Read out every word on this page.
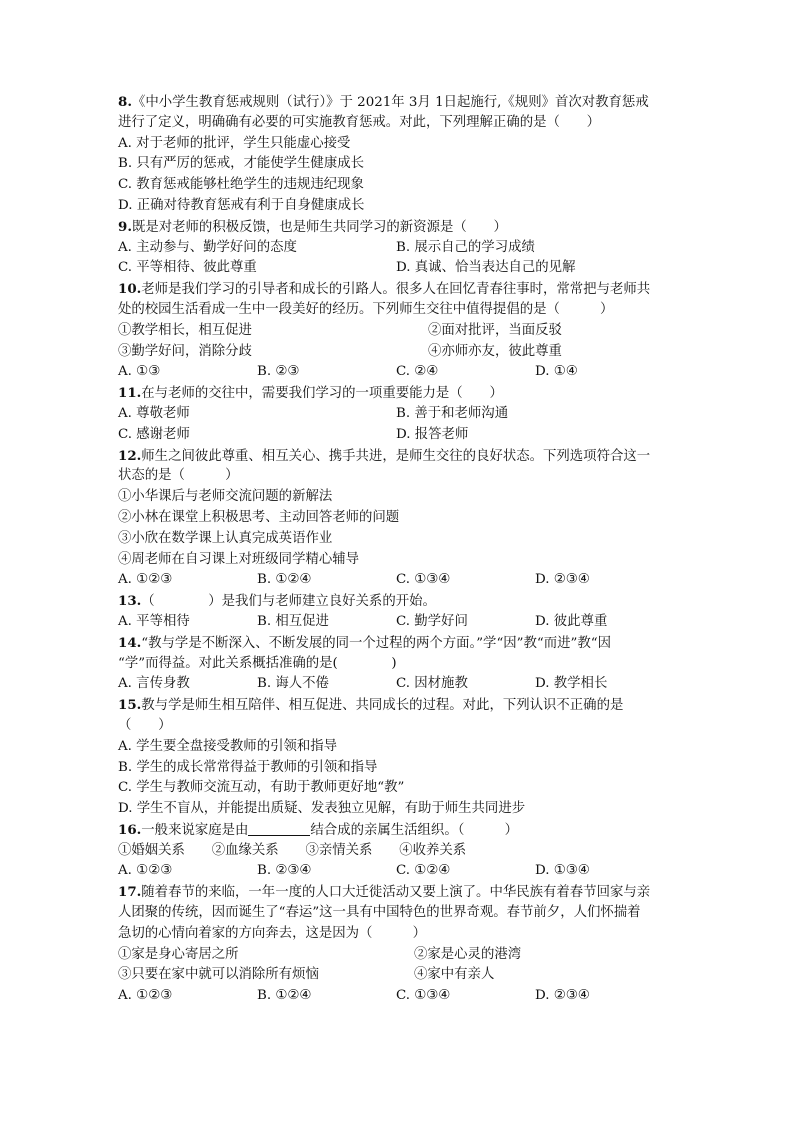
8.《中小学生教育惩戒规则（试行）》于 2021年 3月 1日起施行,《规则》首次对教育惩戒
进行了定义，明确确有必要的可实施教育惩戒。对此，下列理解正确的是（　　）
A. 对于老师的批评，学生只能虚心接受
B. 只有严厉的惩戒，才能使学生健康成长
C. 教育惩戒能够杜绝学生的违规违纪现象
D. 正确对待教育惩戒有利于自身健康成长
9.既是对老师的积极反馈，也是师生共同学习的新资源是（　　）
A. 主动参与、勤学好问的态度	B. 展示自己的学习成绩
C. 平等相待、彼此尊重	D. 真诚、恰当表达自己的见解
10.老师是我们学习的引导者和成长的引路人。很多人在回忆青春往事时，常常把与老师共
处的校园生活看成一生中一段美好的经历。下列师生交往中值得提倡的是（　　　）
①教学相长，相互促进	②面对批评，当面反驳
③勤学好问，消除分歧	④亦师亦友，彼此尊重
A. ①③	B. ②③	C. ②④	D. ①④
11.在与老师的交往中，需要我们学习的一项重要能力是（　　）
A. 尊敬老师	B. 善于和老师沟通
C. 感谢老师	D. 报答老师
12.师生之间彼此尊重、相互关心、携手共进，是师生交往的良好状态。下列选项符合这一
状态的是（　　　）
①小华课后与老师交流问题的新解法
②小林在课堂上积极思考、主动回答老师的问题
③小欣在数学课上认真完成英语作业
④周老师在自习课上对班级同学精心辅导
A. ①②③	B. ①②④	C. ①③④	D. ②③④
13.（　　　　）是我们与老师建立良好关系的开始。
A. 平等相待	B. 相互促进	C. 勤学好问	D. 彼此尊重
14.“教与学是不断深入、不断发展的同一个过程的两个方面。”学“因”教“而进”教“因
“学”而得益。对此关系概括准确的是(　　　　)
A. 言传身教	B. 诲人不倦	C. 因材施教	D. 教学相长
15.教与学是师生相互陪伴、相互促进、共同成长的过程。对此，下列认识不正确的是
（　　）
A. 学生要全盘接受教师的引领和指导
B. 学生的成长常常得益于教师的引领和指导
C. 学生与教师交流互动，有助于教师更好地“教”
D. 学生不盲从，并能提出质疑、发表独立见解，有助于师生共同进步
16.一般来说家庭是由	结合成的亲属生活组织。（　　　）
①婚姻关系　　②血缘关系　　③亲情关系　　④收养关系
A. ①②③	B. ②③④	C. ①②④	D. ①③④
17.随着春节的来临，一年一度的人口大迁徙活动又要上演了。中华民族有着春节回家与亲
人团聚的传统，因而诞生了“春运”这一具有中国特色的世界奇观。春节前夕，人们怀揣着
急切的心情向着家的方向奔去，这是因为（　　　）
①家是身心寄居之所	②家是心灵的港湾
③只要在家中就可以消除所有烦恼	④家中有亲人
A. ①②③	B. ①②④	C. ①③④	D. ②③④
